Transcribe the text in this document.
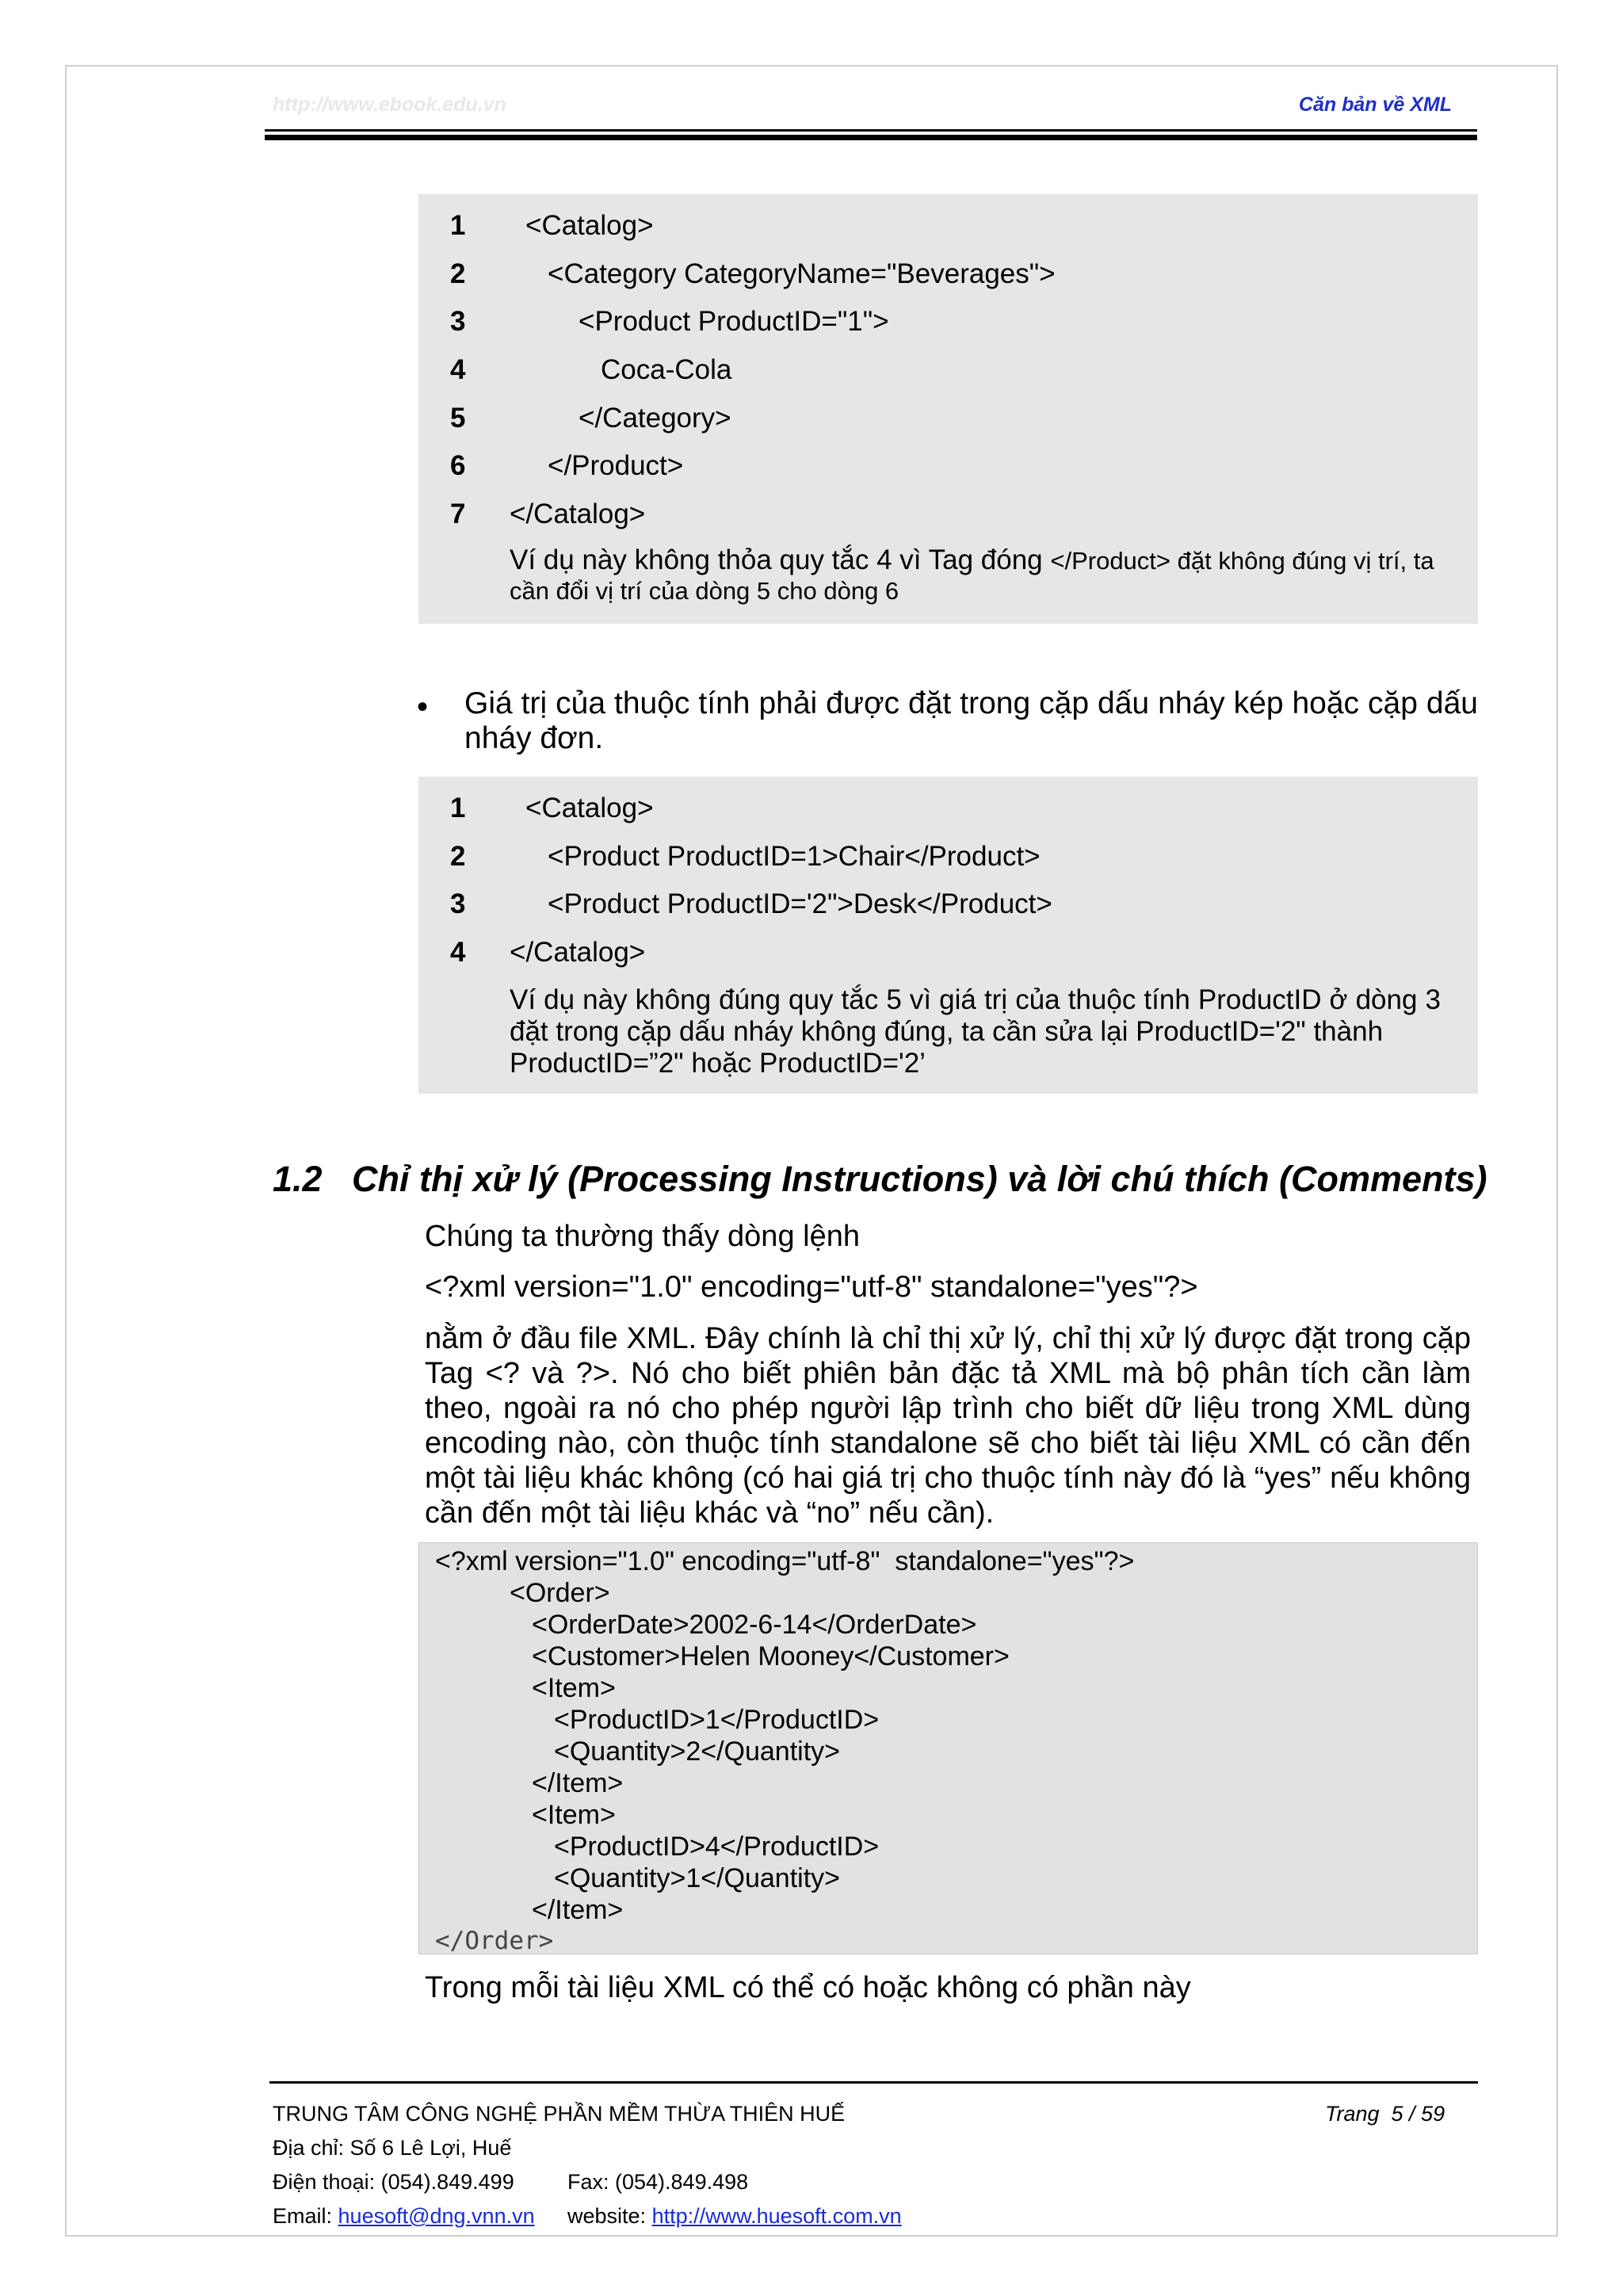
http://www.ebook.edu.vn	Căn bản về XML
1 <Catalog>
2	<Category CategoryName="Beverages">
3	<Product ProductID="1">
4	Coca-Cola
5	</Category>
6	</Product>
7 </Catalog>
Ví dụ này không thỏa quy tắc 4 vì Tag đóng </Product> đặt không đúng vị trí, ta cần đổi vị trí của dòng 5 cho dòng 6
• Giá trị của thuộc tính phải được đặt trong cặp dấu nháy kép hoặc cặp dấu nháy đơn.
1 <Catalog>
2	<Product ProductID=1>Chair</Product>
3	<Product ProductID='2">Desk</Product>
4 </Catalog>
Ví dụ này không đúng quy tắc 5 vì giá trị của thuộc tính ProductID ở dòng 3 đặt trong cặp dấu nháy không đúng, ta cần sửa lại ProductID='2" thành
ProductID=”2" hoặc ProductID='2’
1.2 Chỉ thị xử lý (Processing Instructions) và lời chú thích (Comments)
Chúng ta thường thấy dòng lệnh
<?xml version="1.0" encoding="utf-8" standalone="yes"?>
nằm ở đầu file XML. Đây chính là chỉ thị xử lý, chỉ thị xử lý được đặt trong cặp Tag <? và ?>. Nó cho biết phiên bản đặc tả XML mà bộ phân tích cần làm theo, ngoài ra nó cho phép người lập trình cho biết dữ liệu trong XML dùng encoding nào, còn thuộc tính standalone sẽ cho biết tài liệu XML có cần đến một tài liệu khác không (có hai giá trị cho thuộc tính này đó là “yes” nếu không cần đến một tài liệu khác và “no” nếu cần).
<?xml version="1.0" encoding="utf-8"  standalone="yes"?>
<Order>
<OrderDate>2002-6-14</OrderDate>
<Customer>Helen Mooney</Customer>
<Item>
<ProductID>1</ProductID>
<Quantity>2</Quantity>
</Item>
<Item>
<ProductID>4</ProductID>
<Quantity>1</Quantity>
</Item>
</Order>
Trong mỗi tài liệu XML có thể có hoặc không có phần này
TRUNG TÂM CÔNG NGHỆ PHẦN MỀM THỪA THIÊN HUẾ	Trang  5 / 59
Địa chỉ: Số 6 Lê Lợi, Huế
Điện thoại: (054).849.499 Fax: (054).849.498
Email: huesoft@dng.vnn.vn website: http://www.huesoft.com.vn
